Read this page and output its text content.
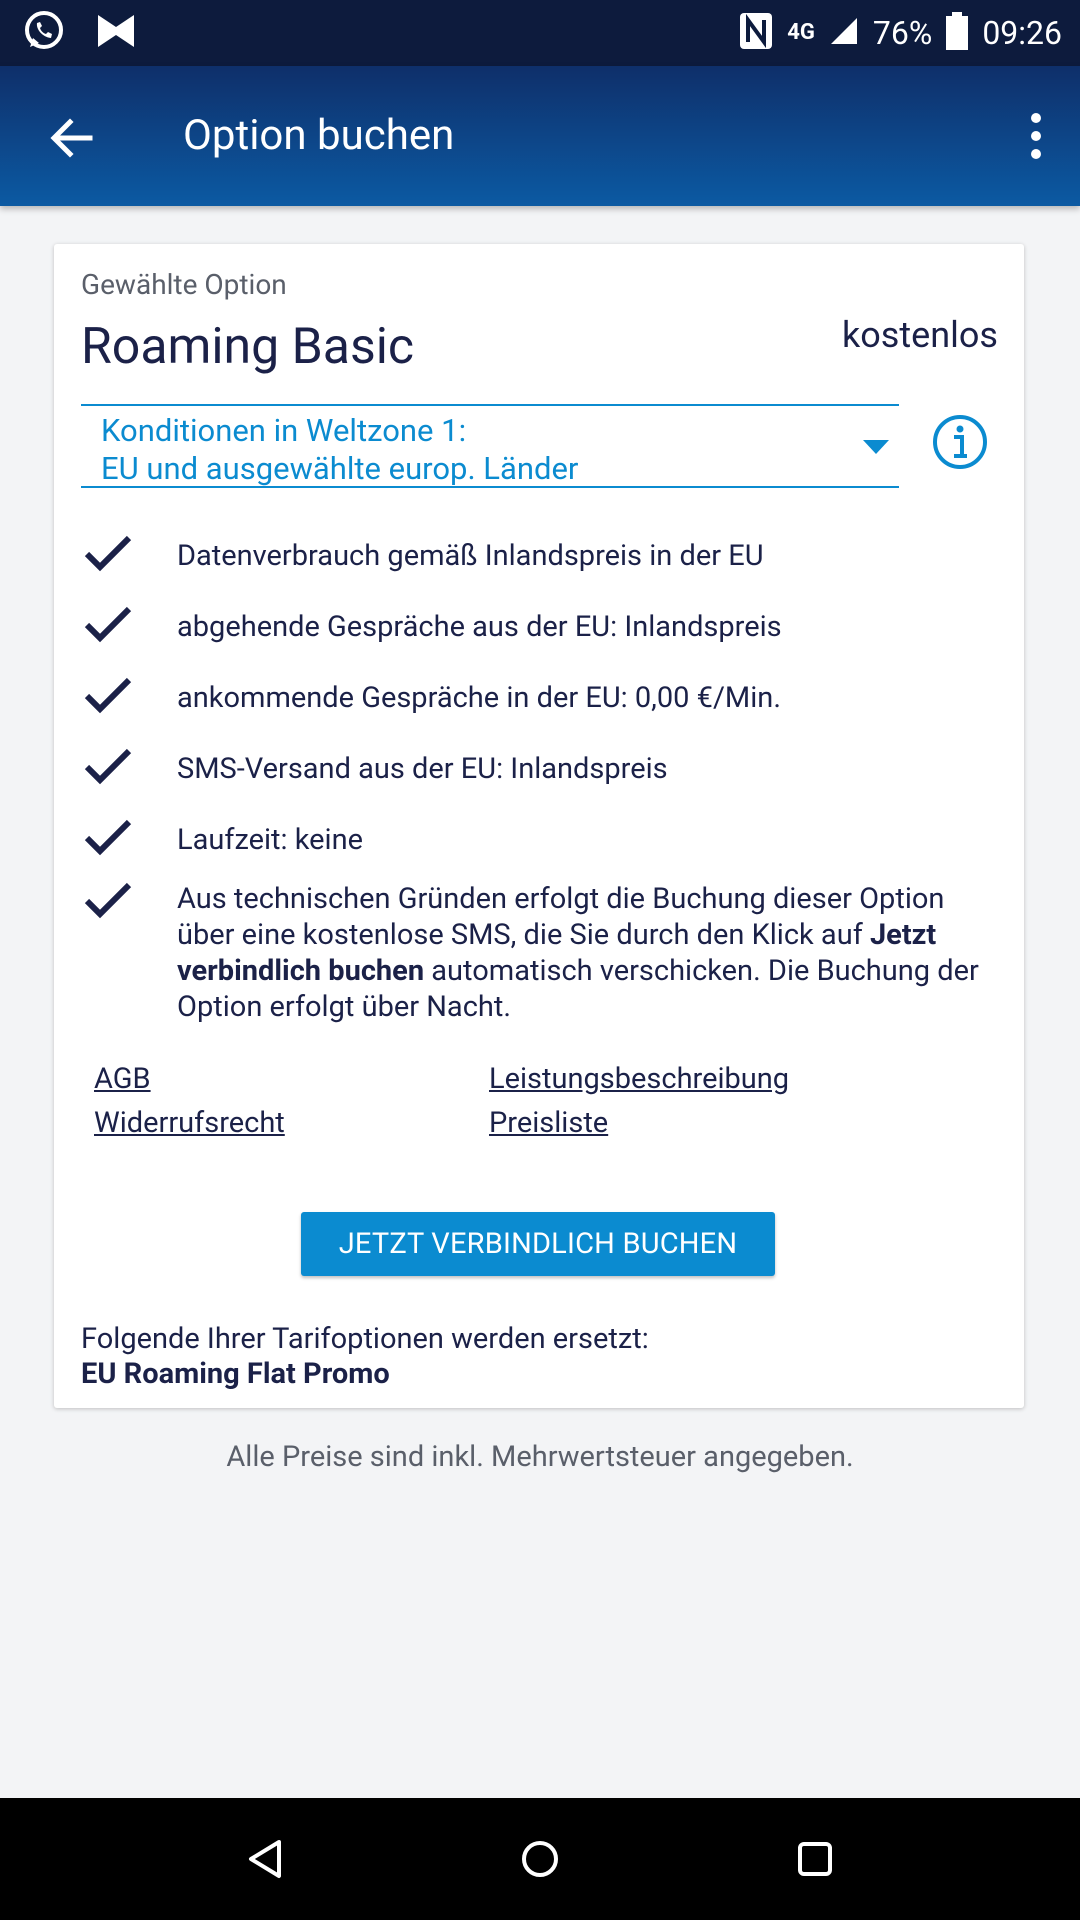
4G 76% 09:26
Option buchen
Gewählte Option
Roaming Basic	kostenlos
Konditionen in Weltzone 1:
EU und ausgewählte europ. Länder
Datenverbrauch gemäß Inlandspreis in der EU
abgehende Gespräche aus der EU: Inlandspreis
ankommende Gespräche in der EU: 0,00 €/Min.
SMS-Versand aus der EU: Inlandspreis
Laufzeit: keine
Aus technischen Gründen erfolgt die Buchung dieser Option über eine kostenlose SMS, die Sie durch den Klick auf Jetzt verbindlich buchen automatisch verschicken. Die Buchung der Option erfolgt über Nacht.
AGB	Leistungsbeschreibung
Widerrufsrecht	Preisliste
JETZT VERBINDLICH BUCHEN
Folgende Ihrer Tarifoptionen werden ersetzt:
EU Roaming Flat Promo
Alle Preise sind inkl. Mehrwertsteuer angegeben.
